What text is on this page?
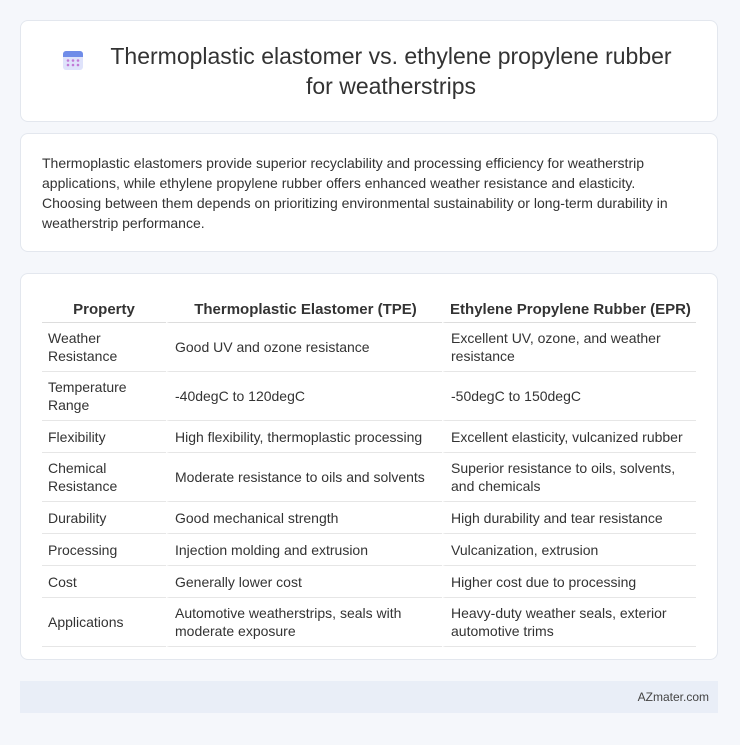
Thermoplastic elastomer vs. ethylene propylene rubber for weatherstrips

Thermoplastic elastomers provide superior recyclability and processing efficiency for weatherstrip applications, while ethylene propylene rubber offers enhanced weather resistance and elasticity. Choosing between them depends on prioritizing environmental sustainability or long-term durability in weatherstrip performance.

Property	Thermoplastic Elastomer (TPE)	Ethylene Propylene Rubber (EPR)
Weather Resistance	Good UV and ozone resistance	Excellent UV, ozone, and weather resistance
Temperature Range	-40degC to 120degC	-50degC to 150degC
Flexibility	High flexibility, thermoplastic processing	Excellent elasticity, vulcanized rubber
Chemical Resistance	Moderate resistance to oils and solvents	Superior resistance to oils, solvents, and chemicals
Durability	Good mechanical strength	High durability and tear resistance
Processing	Injection molding and extrusion	Vulcanization, extrusion
Cost	Generally lower cost	Higher cost due to processing
Applications	Automotive weatherstrips, seals with moderate exposure	Heavy-duty weather seals, exterior automotive trims
AZmater.com
